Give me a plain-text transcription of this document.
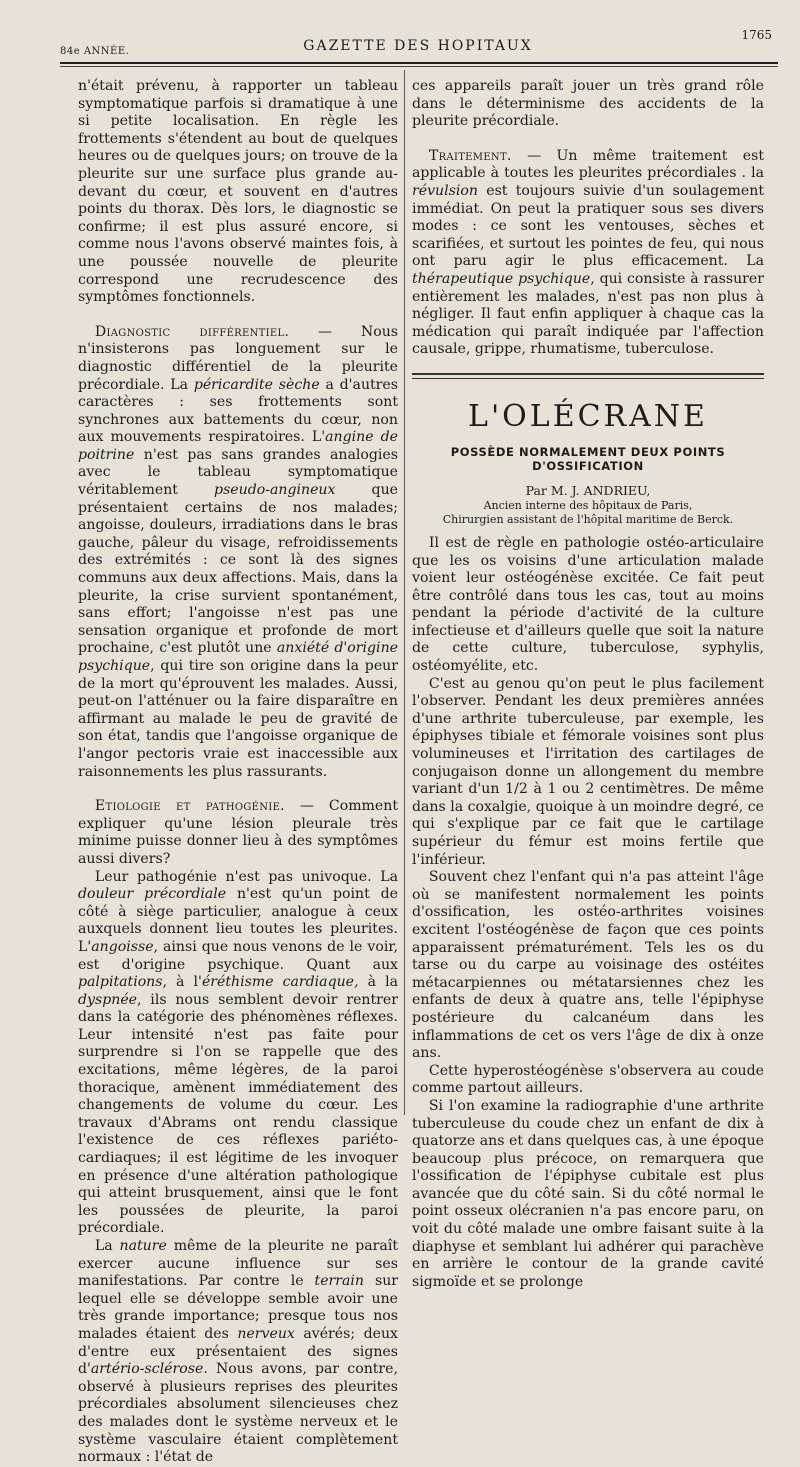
84e ANNÉE.	GAZETTE DES HOPITAUX
1765

n'était prévenu, à rapporter un tableau symptomatique parfois si dramatique à une si petite localisation. En règle les frottements s'étendent au bout de quelques heures ou de quelques jours; on trouve de la pleurite sur une surface plus grande au-devant du cœur, et souvent en d'autres points du thorax. Dès lors, le diagnostic se confirme; il est plus assuré encore, si comme nous l'avons observé maintes fois, à une poussée nouvelle de pleurite correspond une recrudescence des symptômes fonctionnels.

Diagnostic différentiel. — Nous n'insisterons pas longuement sur le diagnostic différentiel de la pleurite précordiale. La péricardite sèche a d'autres caractères : ses frottements sont synchrones aux battements du cœur, non aux mouvements respiratoires. L'angine de poitrine n'est pas sans grandes analogies avec le tableau symptomatique véritablement pseudo-angineux que présentaient certains de nos malades; angoisse, douleurs, irradiations dans le bras gauche, pâleur du visage, refroidissements des extrémités : ce sont là des signes communs aux deux affections. Mais, dans la pleurite, la crise survient spontanément, sans effort; l'angoisse n'est pas une sensation organique et profonde de mort prochaine, c'est plutôt une anxiété d'origine psychique, qui tire son origine dans la peur de la mort qu'éprouvent les malades. Aussi, peut-on l'atténuer ou la faire disparaître en affirmant au malade le peu de gravité de son état, tandis que l'angoisse organique de l'angor pectoris vraie est inaccessible aux raisonnements les plus rassurants.

Etiologie et pathogénie. — Comment expliquer qu'une lésion pleurale très minime puisse donner lieu à des symptômes aussi divers?

Leur pathogénie n'est pas univoque. La douleur précordiale n'est qu'un point de côté à siège particulier, analogue à ceux auxquels donnent lieu toutes les pleurites. L'angoisse, ainsi que nous venons de le voir, est d'origine psychique. Quant aux palpitations, à l'éréthisme cardiaque, à la dyspnée, ils nous semblent devoir rentrer dans la catégorie des phénomènes réflexes. Leur intensité n'est pas faite pour surprendre si l'on se rappelle que des excitations, même légères, de la paroi thoracique, amènent immédiatement des changements de volume du cœur. Les travaux d'Abrams ont rendu classique l'existence de ces réflexes pariéto-cardiaques; il est légitime de les invoquer en présence d'une altération pathologique qui atteint brusquement, ainsi que le font les poussées de pleurite, la paroi précordiale.

La nature même de la pleurite ne paraît exercer aucune influence sur ses manifestations. Par contre le terrain sur lequel elle se développe semble avoir une très grande importance; presque tous nos malades étaient des nerveux avérés; deux d'entre eux présentaient des signes d'artério-sclérose. Nous avons, par contre, observé à plusieurs reprises des pleurites précordiales absolument silencieuses chez des malades dont le système nerveux et le système vasculaire étaient complètement normaux : l'état de

ces appareils paraît jouer un très grand rôle dans le déterminisme des accidents de la pleurite précordiale.

Traitement. — Un même traitement est applicable à toutes les pleurites précordiales . la révulsion est toujours suivie d'un soulagement immédiat. On peut la pratiquer sous ses divers modes : ce sont les ventouses, sèches et scarifiées, et surtout les pointes de feu, qui nous ont paru agir le plus efficacement. La thérapeutique psychique, qui consiste à rassurer entièrement les malades, n'est pas non plus à négliger. Il faut enfin appliquer à chaque cas la médication qui paraît indiquée par l'affection causale, grippe, rhumatisme, tuberculose.

L'OLÉCRANE
POSSÈDE NORMALEMENT DEUX POINTS D'OSSIFICATION
Par M. J. ANDRIEU,
Ancien interne des hôpitaux de Paris,
Chirurgien assistant de l'hôpital maritime de Berck.

Il est de règle en pathologie ostéo-articulaire que les os voisins d'une articulation malade voient leur ostéogénèse excitée. Ce fait peut être contrôlé dans tous les cas, tout au moins pendant la période d'activité de la culture infectieuse et d'ailleurs quelle que soit la nature de cette culture, tuberculose, syphylis, ostéomyélite, etc.

C'est au genou qu'on peut le plus facilement l'observer. Pendant les deux premières années d'une arthrite tuberculeuse, par exemple, les épiphyses tibiale et fémorale voisines sont plus volumineuses et l'irritation des cartilages de conjugaison donne un allongement du membre variant d'un 1/2 à 1 ou 2 centimètres. De même dans la coxalgie, quoique à un moindre degré, ce qui s'explique par ce fait que le cartilage supérieur du fémur est moins fertile que l'inférieur.

Souvent chez l'enfant qui n'a pas atteint l'âge où se manifestent normalement les points d'ossification, les ostéo-arthrites voisines excitent l'ostéogénèse de façon que ces points apparaissent prématurément. Tels les os du tarse ou du carpe au voisinage des ostéites métacarpiennes ou métatarsiennes chez les enfants de deux à quatre ans, telle l'épiphyse postérieure du calcanéum dans les inflammations de cet os vers l'âge de dix à onze ans.

Cette hyperostéogénèse s'observera au coude comme partout ailleurs.

Si l'on examine la radiographie d'une arthrite tuberculeuse du coude chez un enfant de dix à quatorze ans et dans quelques cas, à une époque beaucoup plus précoce, on remarquera que l'ossification de l'épiphyse cubitale est plus avancée que du côté sain. Si du côté normal le point osseux olécranien n'a pas encore paru, on voit du côté malade une ombre faisant suite à la diaphyse et semblant lui adhérer qui parachève en arrière le contour de la grande cavité sigmoïde et se prolonge
